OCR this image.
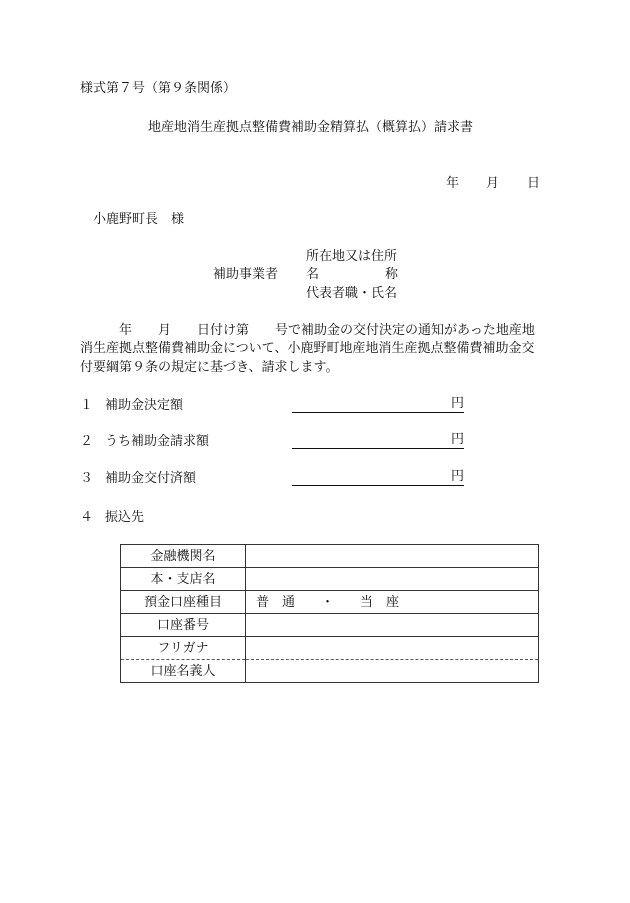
様式第７号（第９条関係）
地産地消生産拠点整備費補助金精算払（概算払）請求書
年 月 日
小鹿野町長　様
所在地又は住所
補助事業者 名	称
代表者職・氏名
年　　月　　日付け第　　号で補助金の交付決定の通知があった地産地
消生産拠点整備費補助金について、小鹿野町地産地消生産拠点整備費補助金交
付要綱第９条の規定に基づき、請求します。
１ 補助金決定額	円
２ うち補助金請求額	円
３ 補助金交付済額	円
４ 振込先
金融機関名	
本・支店名	
預金口座種目	普　通　　・　　当　座
口座番号	
フリガナ	
口座名義人	
